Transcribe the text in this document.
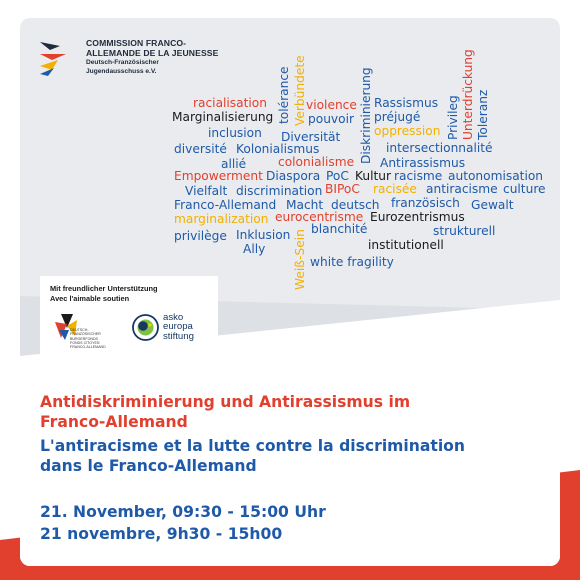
COMMISSION FRANCO-
ALLEMANDE DE LA JEUNESSE
Deutsch-Französischer
Jugendausschuss e.V.
racialisation	violence Rassismus
Marginalisierung	pouvoir préjugé
inclusion Diversität	oppression
diversité Kolonialismus	intersectionnalité
allié	colonialisme Antirassismus
Empowerment Diaspora PoC Kultur racisme autonomisation
Vielfalt discrimination BIPoC racisée antiracisme culture
Franco-Allemand Macht deutsch französisch Gewalt
marginalization eurocentrisme Eurozentrismus
privilège Inklusion blanchité	strukturell
Ally	institutionell
white fragility
tolérance Verbündete	Diskriminierung	Privileg Unterdrückung Toleranz
Weiß-Sein
Mit freundlicher Unterstützung
Avec l'aimable soutien
DEUTSCH-
FRANZÖSISCHER
BÜRGERFONDS
FONDS CITOYEN
FRANCO-ALLEMAND
asko
europa
stiftung
Antidiskriminierung und Antirassismus im
Franco-Allemand
L'antiracisme et la lutte contre la discrimination
dans le Franco-Allemand
21. November, 09:30 - 15:00 Uhr
21 novembre, 9h30 - 15h00
